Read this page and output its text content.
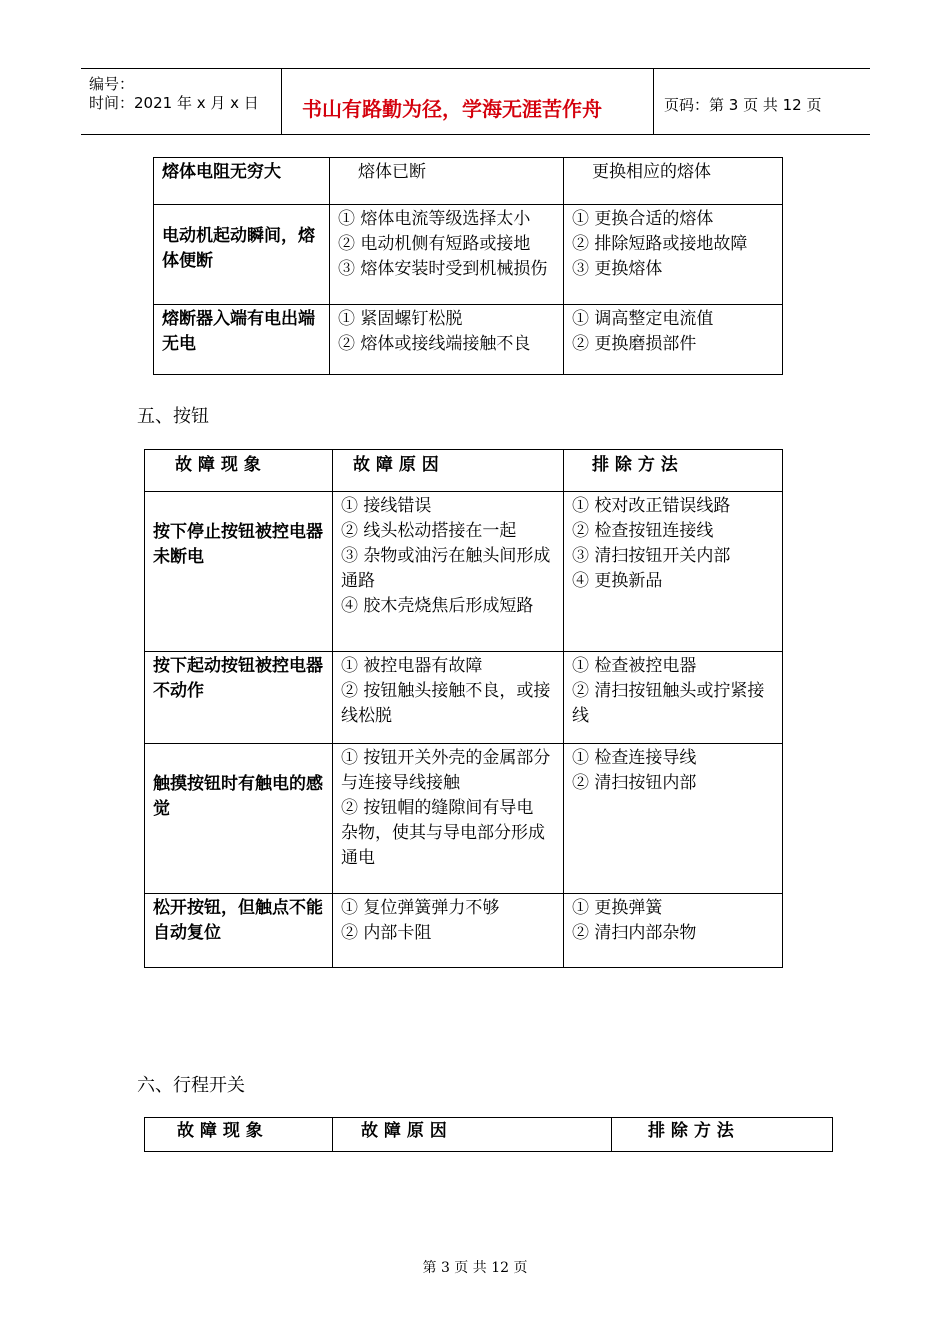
编号：
时间：2021 年 x 月 x 日 书山有路勤为径，学海无涯苦作舟	页码：第 3 页 共 12 页
熔体电阻无穷大	熔体已断	更换相应的熔体
电动机起动瞬间，熔体便断	① 熔体电流等级选择太小
② 电动机侧有短路或接地
③ 熔体安装时受到机械损伤	① 更换合适的熔体
② 排除短路或接地故障
③ 更换熔体

熔断器入端有电出端无电	① 紧固螺钉松脱
② 熔体或接线端接触不良	① 调高整定电流值
② 更换磨损部件
五、按钮
故 障 现 象	故 障 原 因	排 除 方 法
按下停止按钮被控电器未断电	① 接线错误
② 线头松动搭接在一起
③ 杂物或油污在触头间形成通路
④ 胶木壳烧焦后形成短路	① 校对改正错误线路
② 检查按钮连接线
③ 清扫按钮开关内部
④ 更换新品

按下起动按钮被控电器不动作	① 被控电器有故障
② 按钮触头接触不良，或接线松脱	① 检查被控电器
② 清扫按钮触头或拧紧接线

触摸按钮时有触电的感觉	① 按钮开关外壳的金属部分与连接导线接触
② 按钮帽的缝隙间有导电
杂物，使其与导电部分形成通电	① 检查连接导线
② 清扫按钮内部

松开按钮，但触点不能自动复位	① 复位弹簧弹力不够
② 内部卡阻	① 更换弹簧
② 清扫内部杂物
六、行程开关
故 障 现 象	故 障 原 因	排 除 方 法
第 3 页 共 12 页
